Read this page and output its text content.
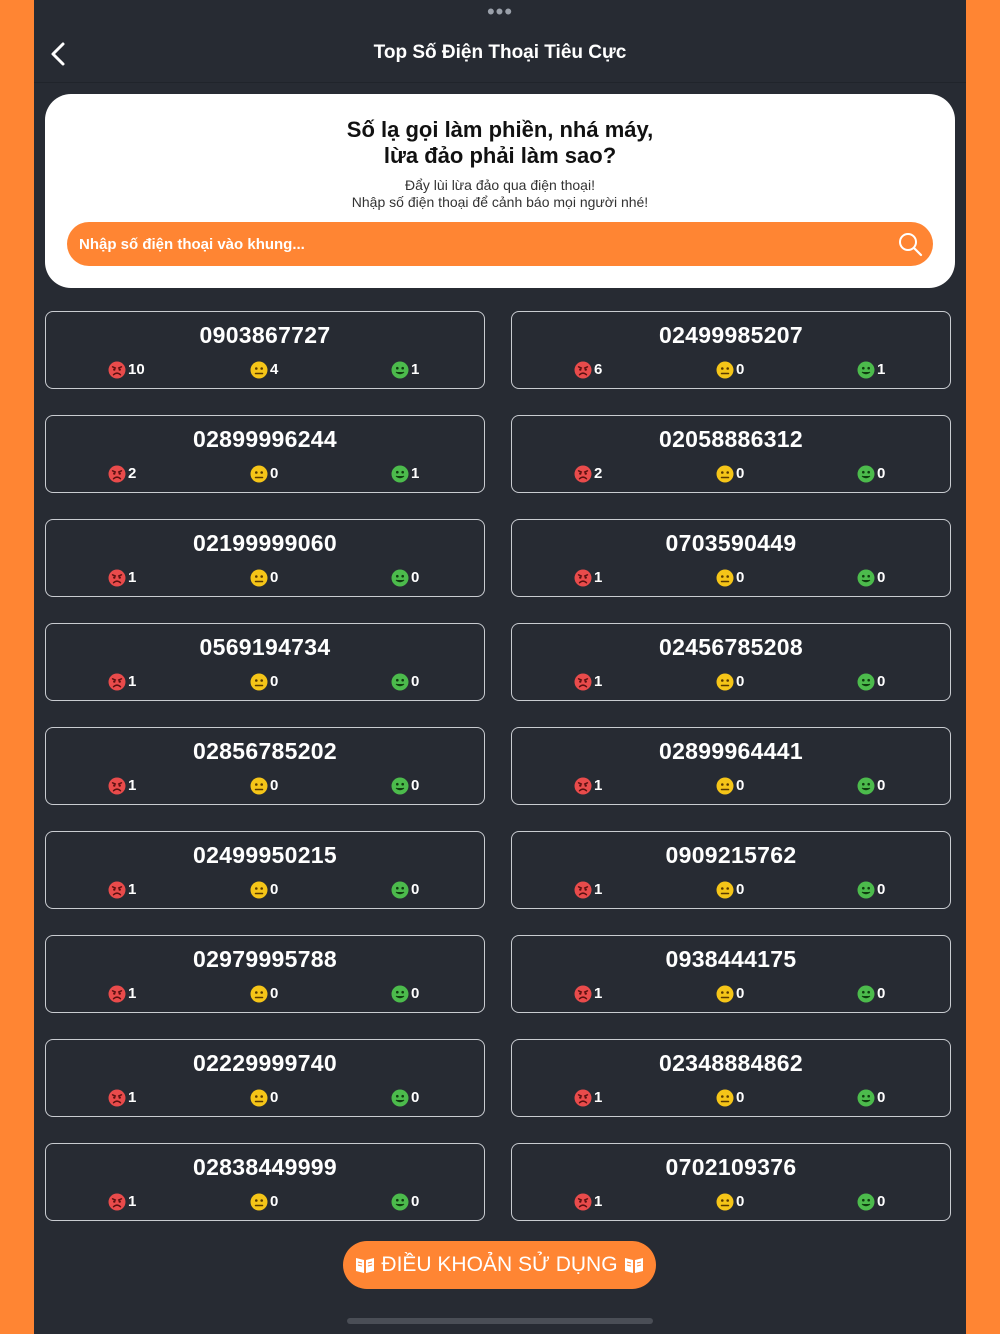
•••
Top Số Điện Thoại Tiêu Cực
Số lạ gọi làm phiền, nhá máy,
lừa đảo phải làm sao?
Đẩy lùi lừa đảo qua điện thoại!
Nhập số điện thoại để cảnh báo mọi người nhé!
Nhập số điện thoại vào khung...
0903867727
10	4	1
02499985207
6	0	1
02899996244
2	0	1
02058886312
2	0	0
02199999060
1	0	0
0703590449
1	0	0
0569194734
1	0	0
02456785208
1	0	0
02856785202
1	0	0
02899964441
1	0	0
02499950215
1	0	0
0909215762
1	0	0
02979995788
1	0	0
0938444175
1	0	0
02229999740
1	0	0
02348884862
1	0	0
02838449999
1	0	0
0702109376
1	0	0
ĐIỀU KHOẢN SỬ DỤNG
